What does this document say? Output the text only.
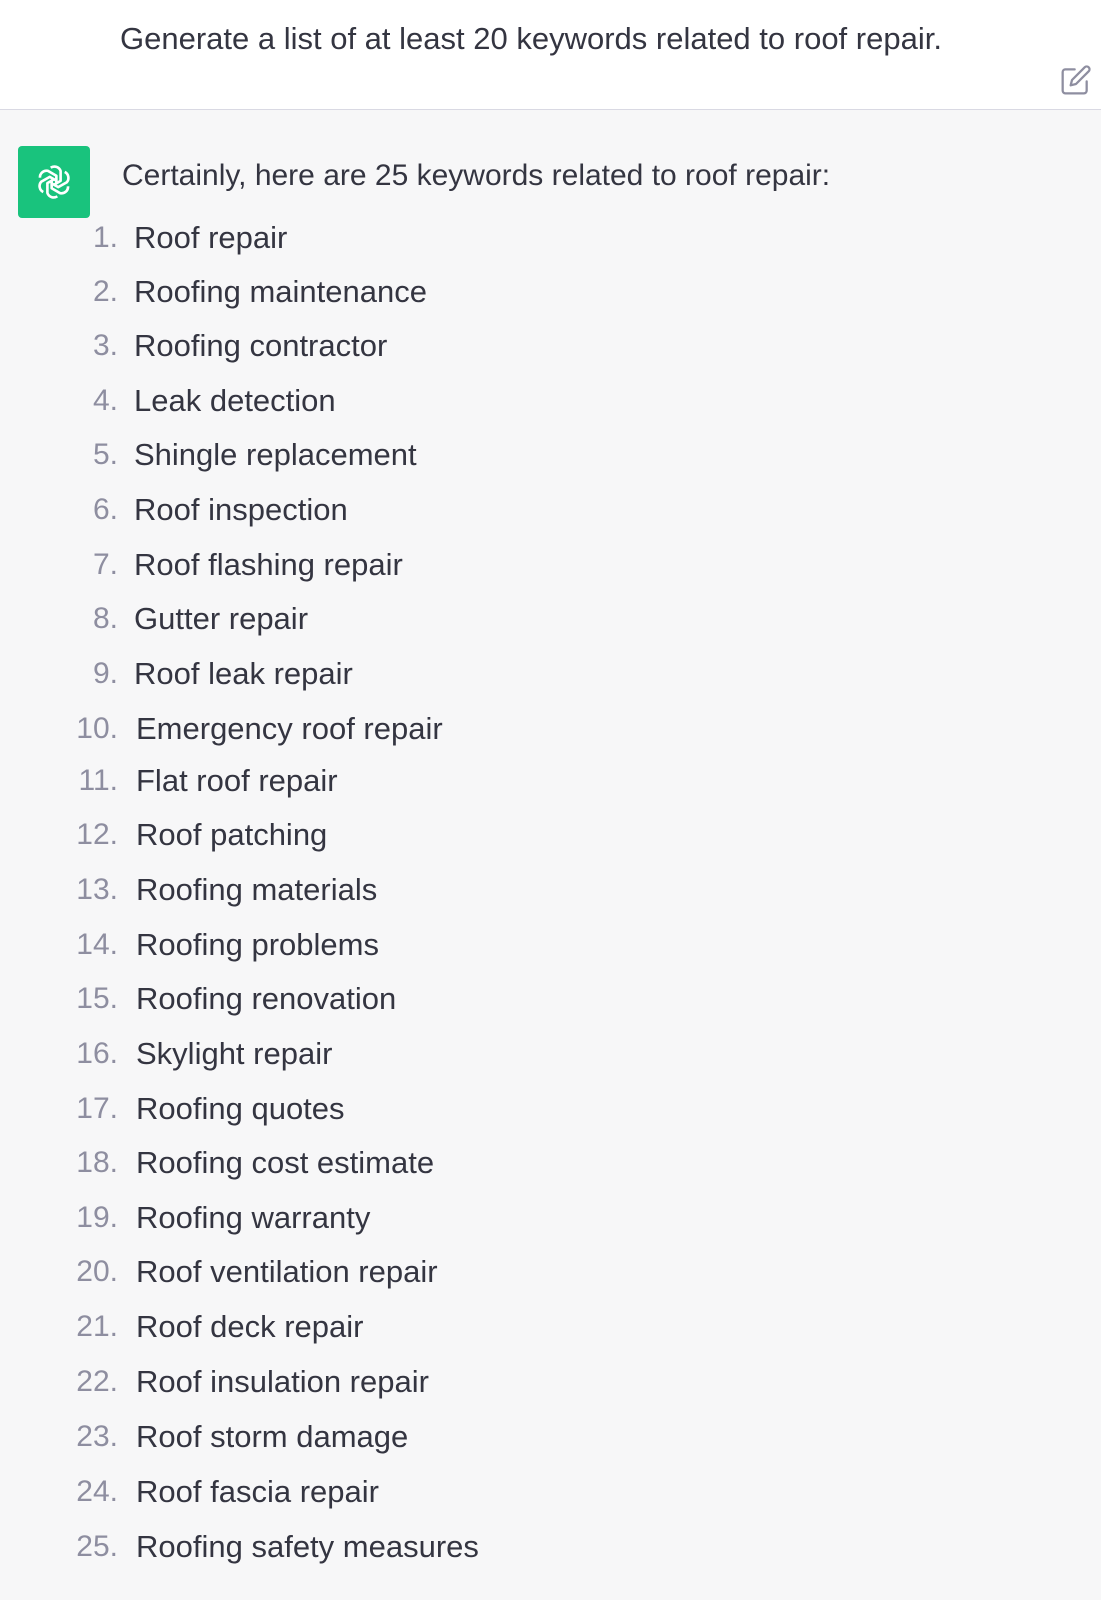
Generate a list of at least 20 keywords related to roof repair.
Certainly, here are 25 keywords related to roof repair:
1. Roof repair
2. Roofing maintenance
3. Roofing contractor
4. Leak detection
5. Shingle replacement
6. Roof inspection
7. Roof flashing repair
8. Gutter repair
9. Roof leak repair
10. Emergency roof repair
11. Flat roof repair
12. Roof patching
13. Roofing materials
14. Roofing problems
15. Roofing renovation
16. Skylight repair
17. Roofing quotes
18. Roofing cost estimate
19. Roofing warranty
20. Roof ventilation repair
21. Roof deck repair
22. Roof insulation repair
23. Roof storm damage
24. Roof fascia repair
25. Roofing safety measures
